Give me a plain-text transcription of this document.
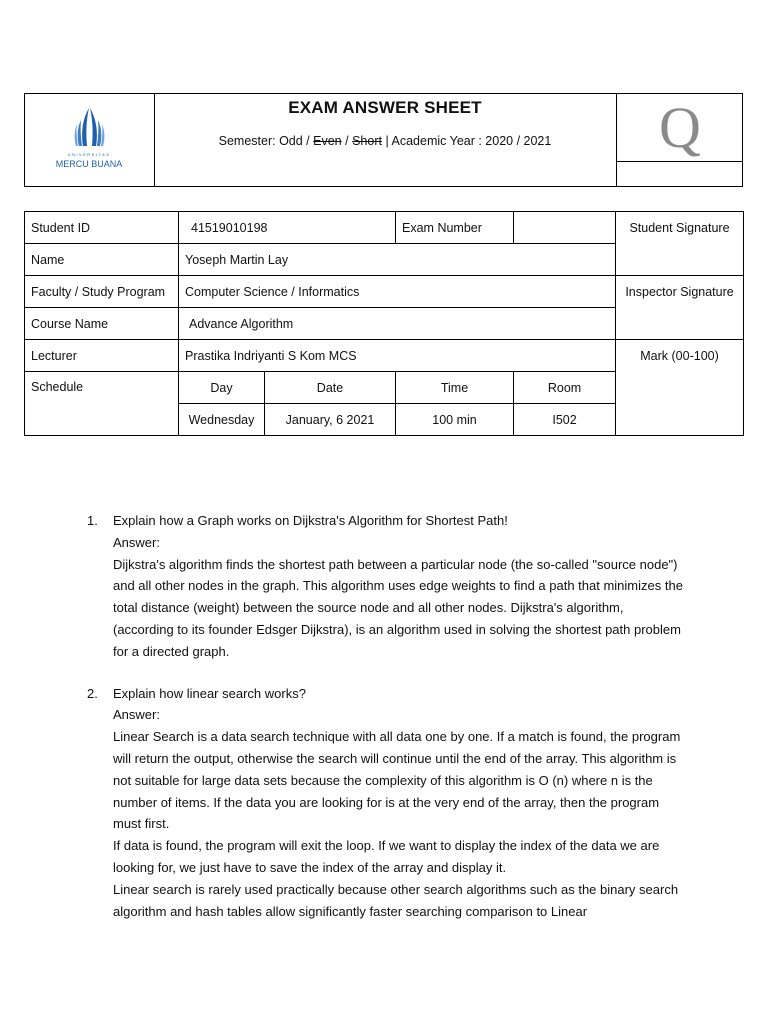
UNIVERSITAS
MERCU BUANA
EXAM ANSWER SHEET
Semester: Odd / Even / Short | Academic Year : 2020 / 2021	Q
Student ID	41519010198		Exam Number		Student Signature
Name	Yoseph Martin Lay				
Faculty / Study Program	Computer Science / Informatics				Inspector Signature
Course Name	Advance Algorithm				
Lecturer	Prastika Indriyanti S Kom MCS				Mark (00-100)
Schedule	Day	Date	Time	Room	
	Wednesday	January, 6 2021	100 min	I502	
1. Explain how a Graph works on Dijkstra's Algorithm for Shortest Path!

Answer:

Dijkstra's algorithm finds the shortest path between a particular node (the so-called "source node") and all other nodes in the graph. This algorithm uses edge weights to find a path that minimizes the total distance (weight) between the source node and all other nodes. Dijkstra's algorithm, (according to its founder Edsger Dijkstra), is an algorithm used in solving the shortest path problem for a directed graph.

2. Explain how linear search works?

Answer:

Linear Search is a data search technique with all data one by one. If a match is found, the program will return the output, otherwise the search will continue until the end of the array. This algorithm is not suitable for large data sets because the complexity of this algorithm is O (n) where n is the number of items. If the data you are looking for is at the very end of the array, then the program must first.

If data is found, the program will exit the loop. If we want to display the index of the data we are looking for, we just have to save the index of the array and display it.

Linear search is rarely used practically because other search algorithms such as the binary search algorithm and hash tables allow significantly faster searching comparison to Linear
